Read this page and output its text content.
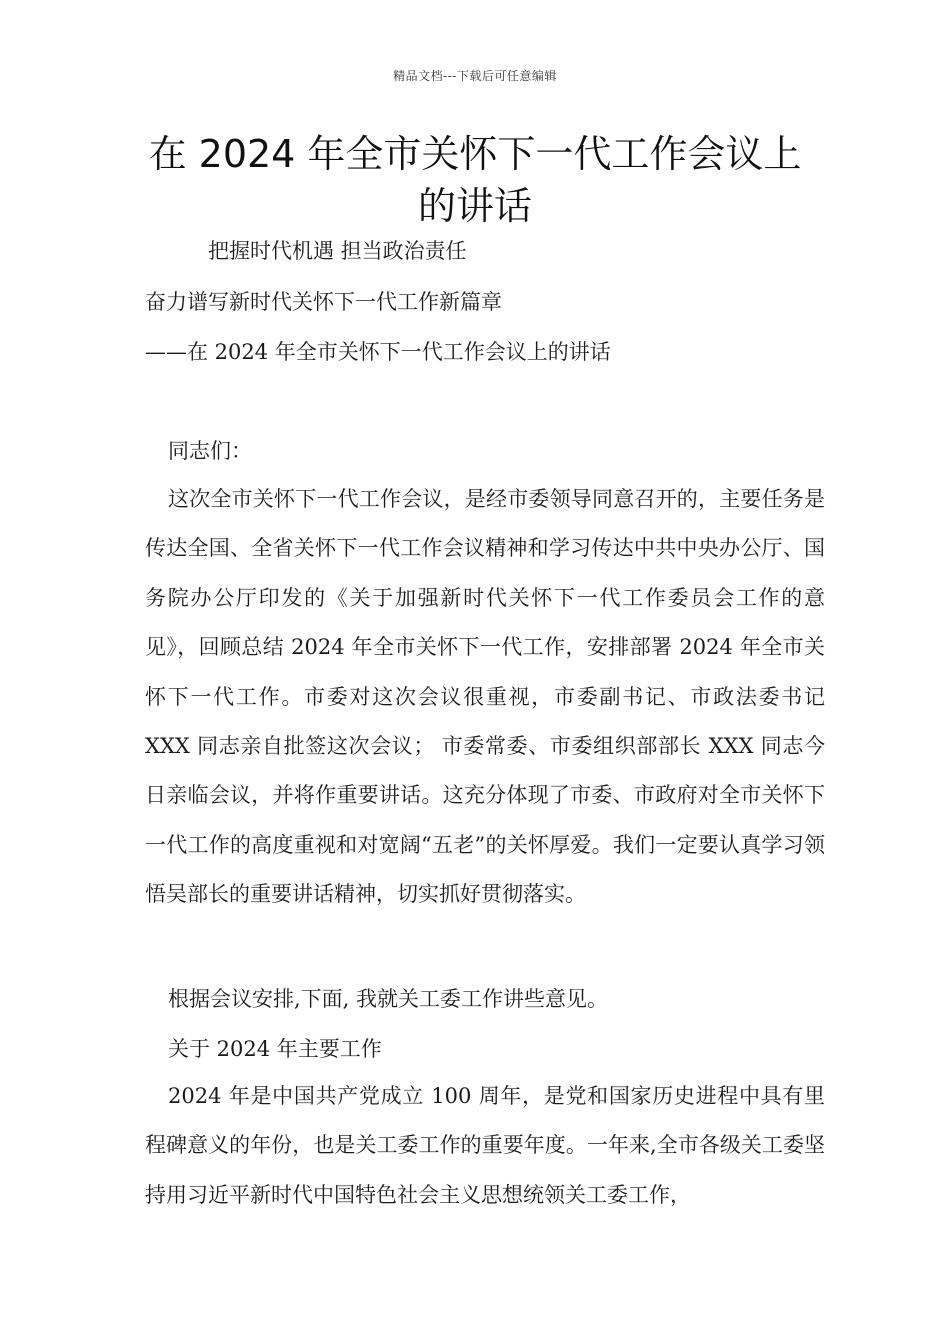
精品文档---下载后可任意编辑
在 2024 年全市关怀下一代工作会议上的讲话
把握时代机遇 担当政治责任
奋力谱写新时代关怀下一代工作新篇章
——在 2024 年全市关怀下一代工作会议上的讲话
同志们：

这次全市关怀下一代工作会议，是经市委领导同意召开的，主要任务是传达全国、全省关怀下一代工作会议精神和学习传达中共中央办公厅、国务院办公厅印发的《关于加强新时代关怀下一代工作委员会工作的意见》，回顾总结 2024 年全市关怀下一代工作，安排部署 2024 年全市关怀下一代工作。市委对这次会议很重视，市委副书记、市政法委书记 XXX 同志亲自批签这次会议； 市委常委、市委组织部部长 XXX 同志今日亲临会议，并将作重要讲话。这充分体现了市委、市政府对全市关怀下一代工作的高度重视和对宽阔“五老”的关怀厚爱。我们一定要认真学习领悟吴部长的重要讲话精神，切实抓好贯彻落实。

根据会议安排,下面, 我就关工委工作讲些意见。
关于 2024 年主要工作

2024 年是中国共产党成立 100 周年，是党和国家历史进程中具有里程碑意义的年份，也是关工委工作的重要年度。一年来,全市各级关工委坚持用习近平新时代中国特色社会主义思想统领关工委工作，
